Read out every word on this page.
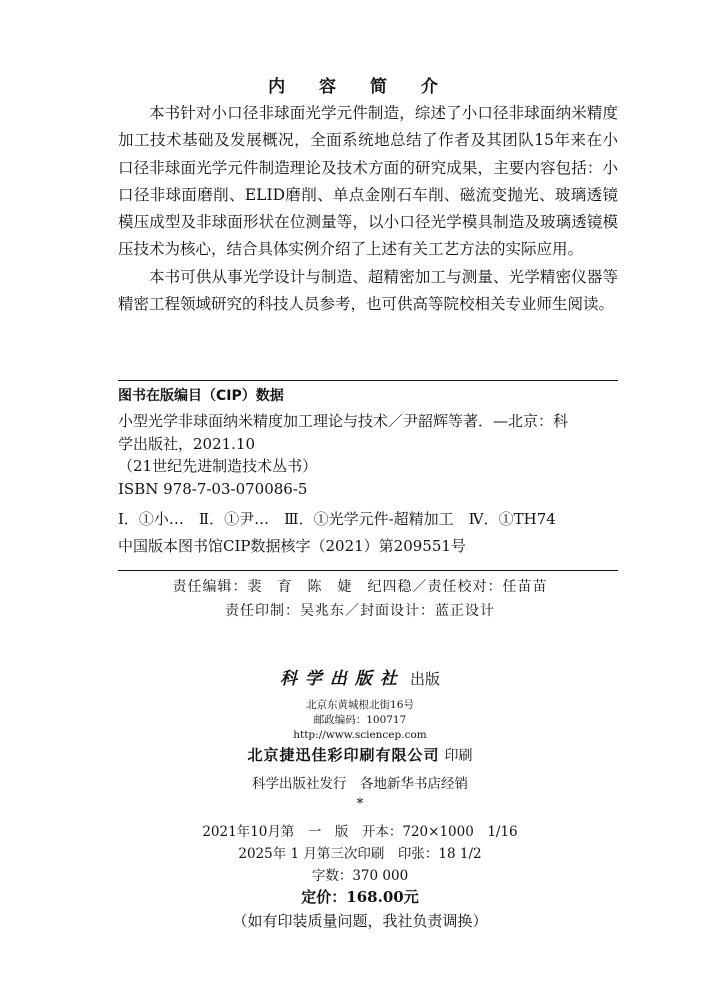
内 容 简 介

本书针对小口径非球面光学元件制造，综述了小口径非球面纳米精度加工技术基础及发展概况，全面系统地总结了作者及其团队15年来在小口径非球面光学元件制造理论及技术方面的研究成果，主要内容包括：小口径非球面磨削、ELID磨削、单点金刚石车削、磁流变抛光、玻璃透镜模压成型及非球面形状在位测量等，以小口径光学模具制造及玻璃透镜模压技术为核心，结合具体实例介绍了上述有关工艺方法的实际应用。

本书可供从事光学设计与制造、超精密加工与测量、光学精密仪器等精密工程领域研究的科技人员参考，也可供高等院校相关专业师生阅读。

图书在版编目（CIP）数据
小型光学非球面纳米精度加工理论与技术／尹韶辉等著．—北京：科
学出版社，2021.10
（21世纪先进制造技术丛书）
ISBN 978-7-03-070086-5
Ⅰ．①小…　Ⅱ．①尹…　Ⅲ．①光学元件-超精加工　Ⅳ．①TH74
中国版本图书馆CIP数据核字（2021）第209551号
责任编辑：裴　育　陈　婕　纪四稳／责任校对：任苗苗
责任印制：吴兆东／封面设计：蓝正设计
科学出版社 出版
北京东黄城根北街16号
邮政编码：100717
http://www.sciencep.com
北京捷迅佳彩印刷有限公司 印刷
科学出版社发行　各地新华书店经销
*
2021年10月第　一　版　开本：720×1000　1/16
2025年 1 月第三次印刷　印张：18 1/2
字数：370 000
定价：168.00元
（如有印装质量问题，我社负责调换）
